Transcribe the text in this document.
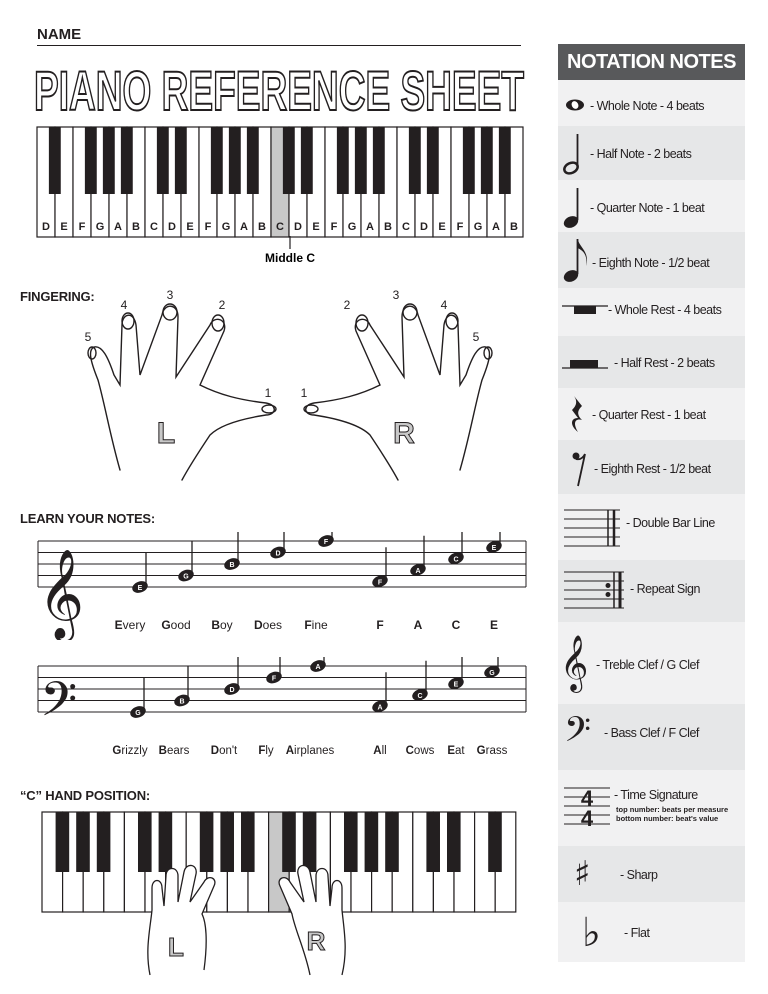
NAME
PIANO REFERENCE SHEET
D E F G A B C D E F G A B C D E F G A B C D E F G A B
Middle C
FINGERING:
5
4
3
2
1 1
2
3
4
5
L	R
LEARN YOUR NOTES:
𝄞	E
G
B
D
F
F
A
C
E
Every Good Boy Does Fine	F A C E
𝄢	G
B
D
F
A
A
C
E
G
Grizzly Bears Don't Fly Airplanes	All Cows Eat Grass
“C” HAND POSITION:
L	R
NOTATION NOTES
- Whole Note - 4 beats
- Half Note - 2 beats
- Quarter Note - 1 beat
- Eighth Note - 1/2 beat
- Whole Rest - 4 beats
- Half Rest - 2 beats
- Quarter Rest - 1 beat
- Eighth Rest - 1/2 beat
- Double Bar Line
- Repeat Sign
𝄞 - Treble Clef / G Clef
𝄢 - Bass Clef / F Clef
4
4
- Time Signature
top number: beats per measure
bottom number: beat's value
♯ - Sharp
♭ - Flat
